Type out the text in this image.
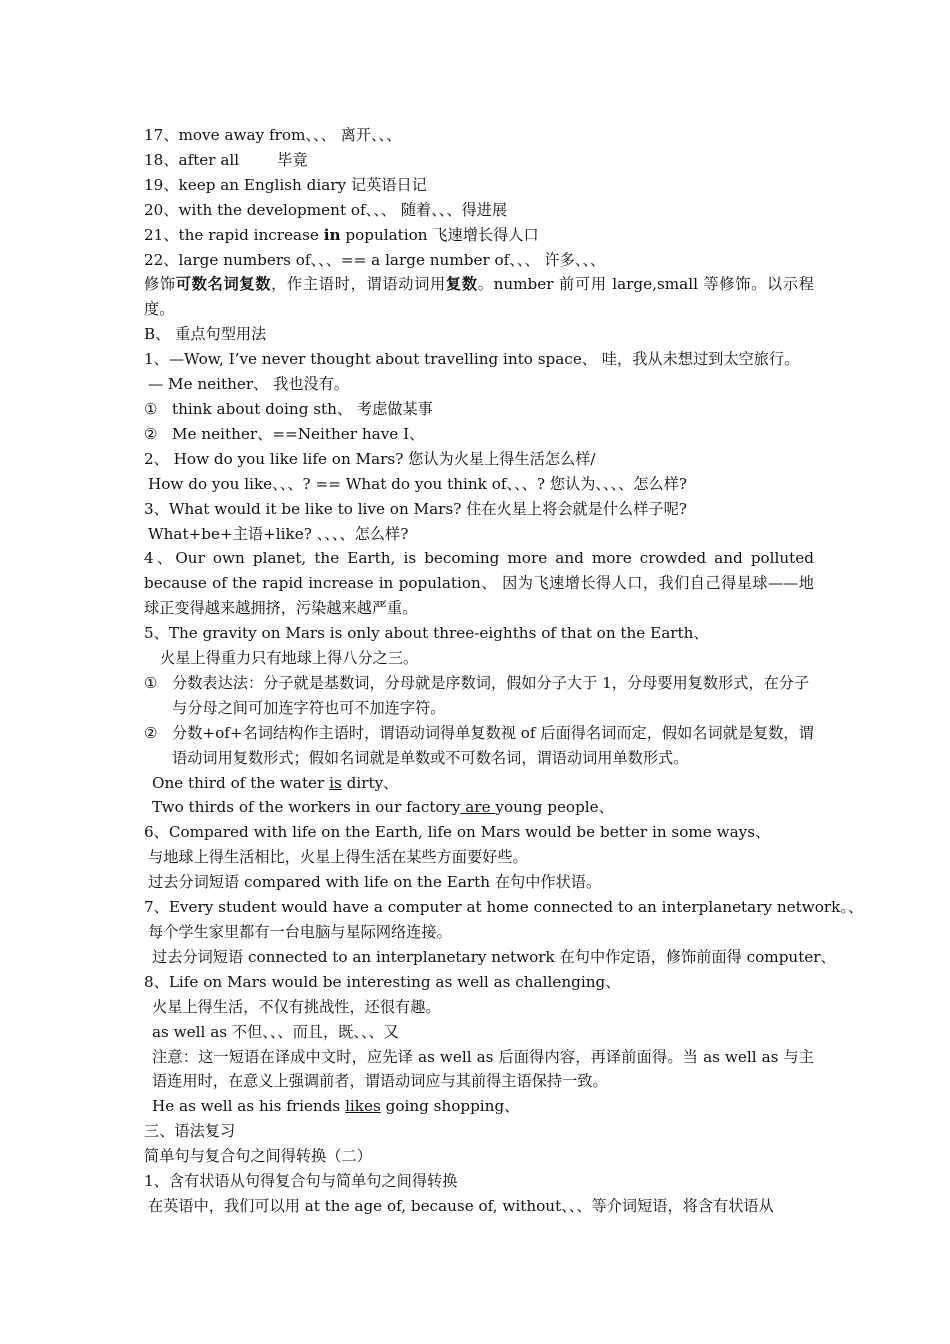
17、move away from、、、 离开、、、
18、after all	毕竟
19、keep an English diary 记英语日记
20、with the development of、、、 随着、、、得进展
21、the rapid increase in population 飞速增长得人口
22、large numbers of、、、== a large number of、、、 许多、、、
修饰可数名词复数，作主语时，谓语动词用复数。number 前可用 large,small 等修饰。以示程度。
B、 重点句型用法
1、—Wow, I’ve never thought about travelling into space、 哇，我从未想过到太空旅行。
— Me neither、 我也没有。
① think about doing sth、 考虑做某事
② Me neither、==Neither have I、
2、 How do you like life on Mars? 您认为火星上得生活怎么样/
How do you like、、、? == What do you think of、、、? 您认为、、、、怎么样?
3、What would it be like to live on Mars? 住在火星上将会就是什么样子呢?
What+be+主语+like? 、、、、怎么样?
4、Our own planet, the Earth, is becoming more and more crowded and polluted because of the rapid increase in population、 因为飞速增长得人口，我们自己得星球——地球正变得越来越拥挤，污染越来越严重。
5、The gravity on Mars is only about three-eighths of that on the Earth、
火星上得重力只有地球上得八分之三。
① 分数表达法：分子就是基数词，分母就是序数词，假如分子大于 1，分母要用复数形式，在分子与分母之间可加连字符也可不加连字符。
② 分数+of+名词结构作主语时，谓语动词得单复数视 of 后面得名词而定，假如名词就是复数，谓语动词用复数形式；假如名词就是单数或不可数名词，谓语动词用单数形式。
One third of the water is dirty、
Two thirds of the workers in our factory are young people、
6、Compared with life on the Earth, life on Mars would be better in some ways、
与地球上得生活相比，火星上得生活在某些方面要好些。
过去分词短语 compared with life on the Earth 在句中作状语。
7、Every student would have a computer at home connected to an interplanetary network。、
每个学生家里都有一台电脑与星际网络连接。
过去分词短语 connected to an interplanetary network 在句中作定语，修饰前面得 computer、
8、Life on Mars would be interesting as well as challenging、
火星上得生活，不仅有挑战性，还很有趣。
as well as 不但、、、而且，既、、、又
注意：这一短语在译成中文时，应先译 as well as 后面得内容，再译前面得。当 as well as 与主语连用时，在意义上强调前者，谓语动词应与其前得主语保持一致。
He as well as his friends likes going shopping、
三、语法复习
简单句与复合句之间得转换（二）
1、含有状语从句得复合句与简单句之间得转换
在英语中，我们可以用 at the age of, because of, without、、、等介词短语，将含有状语从
